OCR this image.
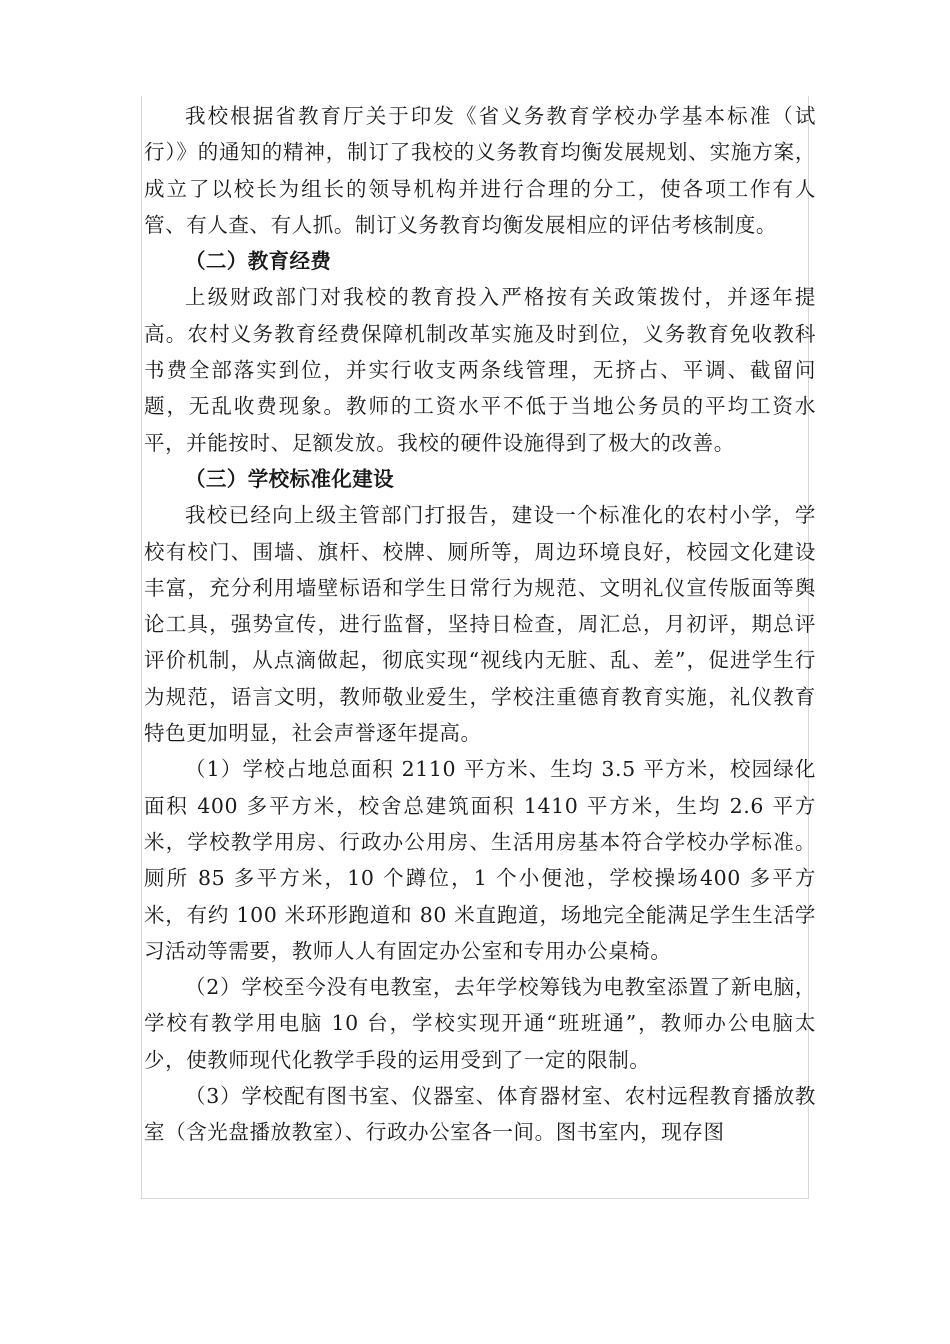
我校根据省教育厅关于印发《省义务教育学校办学基本标准（试行）》的通知的精神，制订了我校的义务教育均衡发展规划、实施方案，成立了以校长为组长的领导机构并进行合理的分工，使各项工作有人管、有人查、有人抓。制订义务教育均衡发展相应的评估考核制度。

（二）教育经费

上级财政部门对我校的教育投入严格按有关政策拨付，并逐年提高。农村义务教育经费保障机制改革实施及时到位，义务教育免收教科书费全部落实到位，并实行收支两条线管理，无挤占、平调、截留问题，无乱收费现象。教师的工资水平不低于当地公务员的平均工资水平，并能按时、足额发放。我校的硬件设施得到了极大的改善。

（三）学校标准化建设

我校已经向上级主管部门打报告，建设一个标准化的农村小学，学校有校门、围墙、旗杆、校牌、厕所等，周边环境良好，校园文化建设丰富，充分利用墙壁标语和学生日常行为规范、文明礼仪宣传版面等舆论工具，强势宣传，进行监督，坚持日检查，周汇总，月初评，期总评评价机制，从点滴做起，彻底实现“视线内无脏、乱、差”，促进学生行为规范，语言文明，教师敬业爱生，学校注重德育教育实施，礼仪教育特色更加明显，社会声誉逐年提高。

（1）学校占地总面积 2110 平方米、生均 3.5 平方米，校园绿化面积 400 多平方米，校舍总建筑面积 1410 平方米，生均 2.6 平方米，学校教学用房、行政办公用房、生活用房基本符合学校办学标准。厕所 85 多平方米，10 个蹲位，1 个小便池，学校操场400 多平方米，有约 100 米环形跑道和 80 米直跑道，场地完全能满足学生生活学习活动等需要，教师人人有固定办公室和专用办公桌椅。

（2）学校至今没有电教室，去年学校筹钱为电教室添置了新电脑，学校有教学用电脑 10 台，学校实现开通“班班通”，教师办公电脑太少，使教师现代化教学手段的运用受到了一定的限制。

（3）学校配有图书室、仪器室、体育器材室、农村远程教育播放教室（含光盘播放教室）、行政办公室各一间。图书室内，现存图
